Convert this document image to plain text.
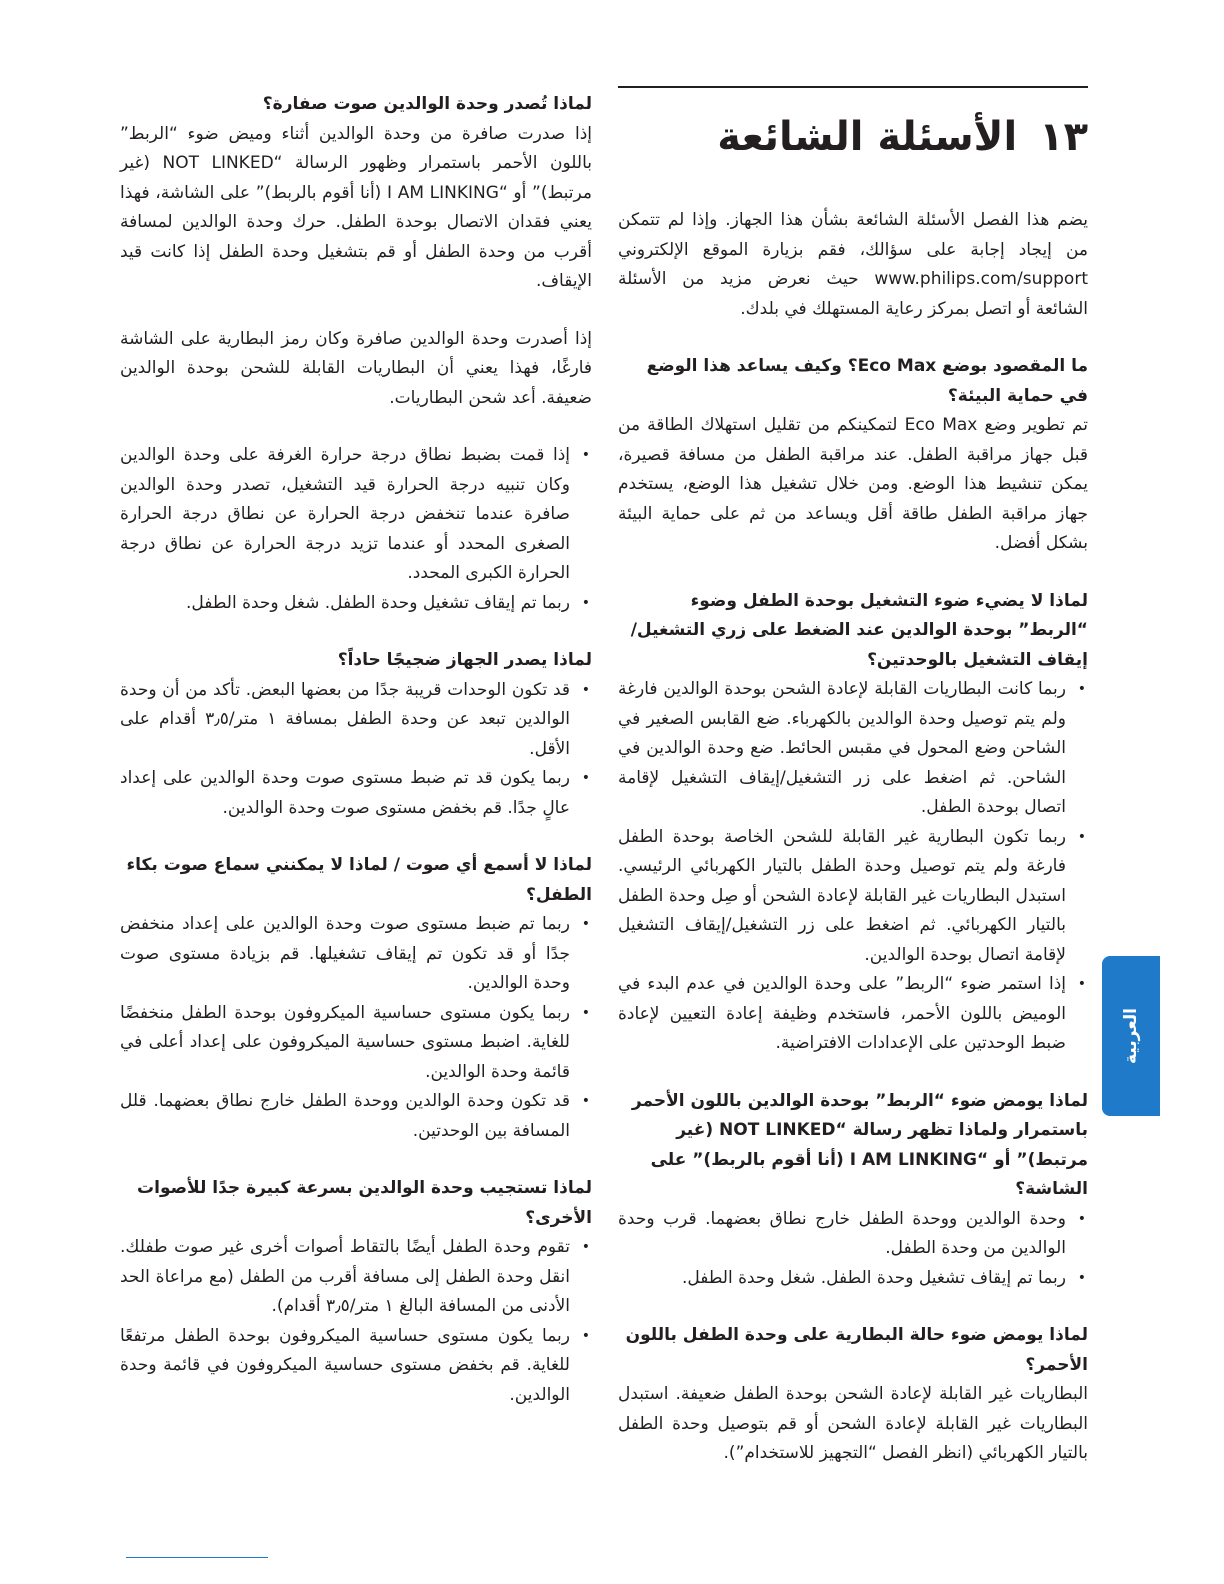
١٣الأسئلة الشائعة

يضم هذا الفصل الأسئلة الشائعة بشأن هذا الجهاز. وإذا لم تتمكن من إيجاد إجابة على سؤالك، فقم بزيارة الموقع الإلكتروني www.philips.com/support حيث نعرض مزيد من الأسئلة الشائعة أو اتصل بمركز رعاية المستهلك في بلدك.

ما المقصود بوضع Eco Max؟ وكيف يساعد هذا الوضع في حماية البيئة؟

تم تطوير وضع Eco Max لتمكينكم من تقليل استهلاك الطاقة من قبل جهاز مراقبة الطفل. عند مراقبة الطفل من مسافة قصيرة، يمكن تنشيط هذا الوضع. ومن خلال تشغيل هذا الوضع، يستخدم جهاز مراقبة الطفل طاقة أقل ويساعد من ثم على حماية البيئة بشكل أفضل.

لماذا لا يضيء ضوء التشغيل بوحدة الطفل وضوء “الربط” بوحدة الوالدين عند الضغط على زري التشغيل/إيقاف التشغيل بالوحدتين؟

• ربما كانت البطاريات القابلة لإعادة الشحن بوحدة الوالدين فارغة ولم يتم توصيل وحدة الوالدين بالكهرباء. ضع القابس الصغير في الشاحن وضع المحول في مقبس الحائط. ضع وحدة الوالدين في الشاحن. ثم اضغط على زر التشغيل/إيقاف التشغيل لإقامة اتصال بوحدة الطفل.
• ربما تكون البطارية غير القابلة للشحن الخاصة بوحدة الطفل فارغة ولم يتم توصيل وحدة الطفل بالتيار الكهربائي الرئيسي. استبدل البطاريات غير القابلة لإعادة الشحن أو صِل وحدة الطفل بالتيار الكهربائي. ثم اضغط على زر التشغيل/إيقاف التشغيل لإقامة اتصال بوحدة الوالدين.
• إذا استمر ضوء “الربط” على وحدة الوالدين في عدم البدء في الوميض باللون الأحمر، فاستخدم وظيفة إعادة التعيين لإعادة ضبط الوحدتين على الإعدادات الافتراضية.

لماذا يومض ضوء “الربط” بوحدة الوالدين باللون الأحمر باستمرار ولماذا تظهر رسالة “NOT LINKED (غير مرتبط)” أو “I AM LINKING (أنا أقوم بالربط)” على الشاشة؟

• وحدة الوالدين ووحدة الطفل خارج نطاق بعضهما. قرب وحدة الوالدين من وحدة الطفل.
• ربما تم إيقاف تشغيل وحدة الطفل. شغل وحدة الطفل.

لماذا يومض ضوء حالة البطارية على وحدة الطفل باللون الأحمر؟

البطاريات غير القابلة لإعادة الشحن بوحدة الطفل ضعيفة. استبدل البطاريات غير القابلة لإعادة الشحن أو قم بتوصيل وحدة الطفل بالتيار الكهربائي (انظر الفصل “التجهيز للاستخدام”).

لماذا تُصدر وحدة الوالدين صوت صفارة؟

إذا صدرت صافرة من وحدة الوالدين أثناء وميض ضوء “الربط” باللون الأحمر باستمرار وظهور الرسالة “NOT LINKED (غير مرتبط)” أو “I AM LINKING (أنا أقوم بالربط)” على الشاشة، فهذا يعني فقدان الاتصال بوحدة الطفل. حرك وحدة الوالدين لمسافة أقرب من وحدة الطفل أو قم بتشغيل وحدة الطفل إذا كانت قيد الإيقاف.

إذا أصدرت وحدة الوالدين صافرة وكان رمز البطارية على الشاشة فارغًا، فهذا يعني أن البطاريات القابلة للشحن بوحدة الوالدين ضعيفة. أعد شحن البطاريات.

• إذا قمت بضبط نطاق درجة حرارة الغرفة على وحدة الوالدين وكان تنبيه درجة الحرارة قيد التشغيل، تصدر وحدة الوالدين صافرة عندما تنخفض درجة الحرارة عن نطاق درجة الحرارة الصغرى المحدد أو عندما تزيد درجة الحرارة عن نطاق درجة الحرارة الكبرى المحدد.
• ربما تم إيقاف تشغيل وحدة الطفل. شغل وحدة الطفل.

لماذا يصدر الجهاز ضجيجًا حاداً؟

• قد تكون الوحدات قريبة جدًا من بعضها البعض. تأكد من أن وحدة الوالدين تبعد عن وحدة الطفل بمسافة ١ متر/٣٫٥ أقدام على الأقل.
• ربما يكون قد تم ضبط مستوى صوت وحدة الوالدين على إعداد عالٍ جدًا. قم بخفض مستوى صوت وحدة الوالدين.

لماذا لا أسمع أي صوت / لماذا لا يمكنني سماع صوت بكاء الطفل؟

• ربما تم ضبط مستوى صوت وحدة الوالدين على إعداد منخفض جدًا أو قد تكون تم إيقاف تشغيلها. قم بزيادة مستوى صوت وحدة الوالدين.
• ربما يكون مستوى حساسية الميكروفون بوحدة الطفل منخفضًا للغاية. اضبط مستوى حساسية الميكروفون على إعداد أعلى في قائمة وحدة الوالدين.
• قد تكون وحدة الوالدين ووحدة الطفل خارج نطاق بعضهما. قلل المسافة بين الوحدتين.

لماذا تستجيب وحدة الوالدين بسرعة كبيرة جدًا للأصوات الأخرى؟

• تقوم وحدة الطفل أيضًا بالتقاط أصوات أخرى غير صوت طفلك. انقل وحدة الطفل إلى مسافة أقرب من الطفل (مع مراعاة الحد الأدنى من المسافة البالغ ١ متر/٣٫٥ أقدام).
• ربما يكون مستوى حساسية الميكروفون بوحدة الطفل مرتفعًا للغاية. قم بخفض مستوى حساسية الميكروفون في قائمة وحدة الوالدين.
العربية
